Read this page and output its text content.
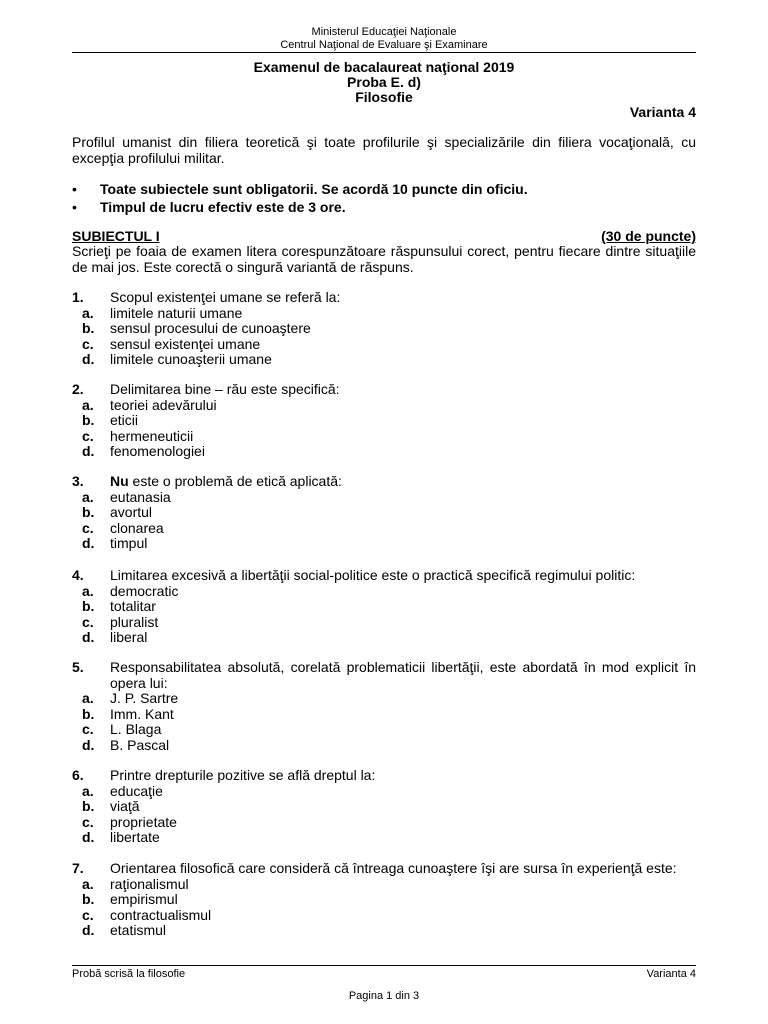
Ministerul Educaţiei Naţionale
Centrul Naţional de Evaluare şi Examinare
Examenul de bacalaureat naţional 2019
Proba E. d)
Filosofie
Varianta 4

Profilul umanist din filiera teoretică şi toate profilurile şi specializările din filiera vocaţională, cu excepţia profilului militar.

• Toate subiectele sunt obligatorii. Se acordă 10 puncte din oficiu.
• Timpul de lucru efectiv este de 3 ore.
SUBIECTUL I	(30 de puncte)

Scrieţi pe foaia de examen litera corespunzătoare răspunsului corect, pentru fiecare dintre situaţiile de mai jos. Este corectă o singură variantă de răspuns.

1. Scopul existenţei umane se referă la:
a. limitele naturii umane
b. sensul procesului de cunoaştere
c. sensul existenţei umane
d. limitele cunoaşterii umane
2. Delimitarea bine – rău este specifică:
a. teoriei adevărului
b. eticii
c. hermeneuticii
d. fenomenologiei
3. Nu este o problemă de etică aplicată:
a. eutanasia
b. avortul
c. clonarea
d. timpul
4. Limitarea excesivă a libertăţii social-politice este o practică specifică regimului politic:
a. democratic
b. totalitar
c. pluralist
d. liberal
5. Responsabilitatea absolută, corelată problematicii libertăţii, este abordată în mod explicit în opera lui:
a. J. P. Sartre
b. Imm. Kant
c. L. Blaga
d. B. Pascal
6. Printre drepturile pozitive se află dreptul la:
a. educaţie
b. viaţă
c. proprietate
d. libertate
7. Orientarea filosofică care consideră că întreaga cunoaştere îşi are sursa în experienţă este:
a. raţionalismul
b. empirismul
c. contractualismul
d. etatismul
Probă scrisă la filosofie	Varianta 4
Pagina 1 din 3
